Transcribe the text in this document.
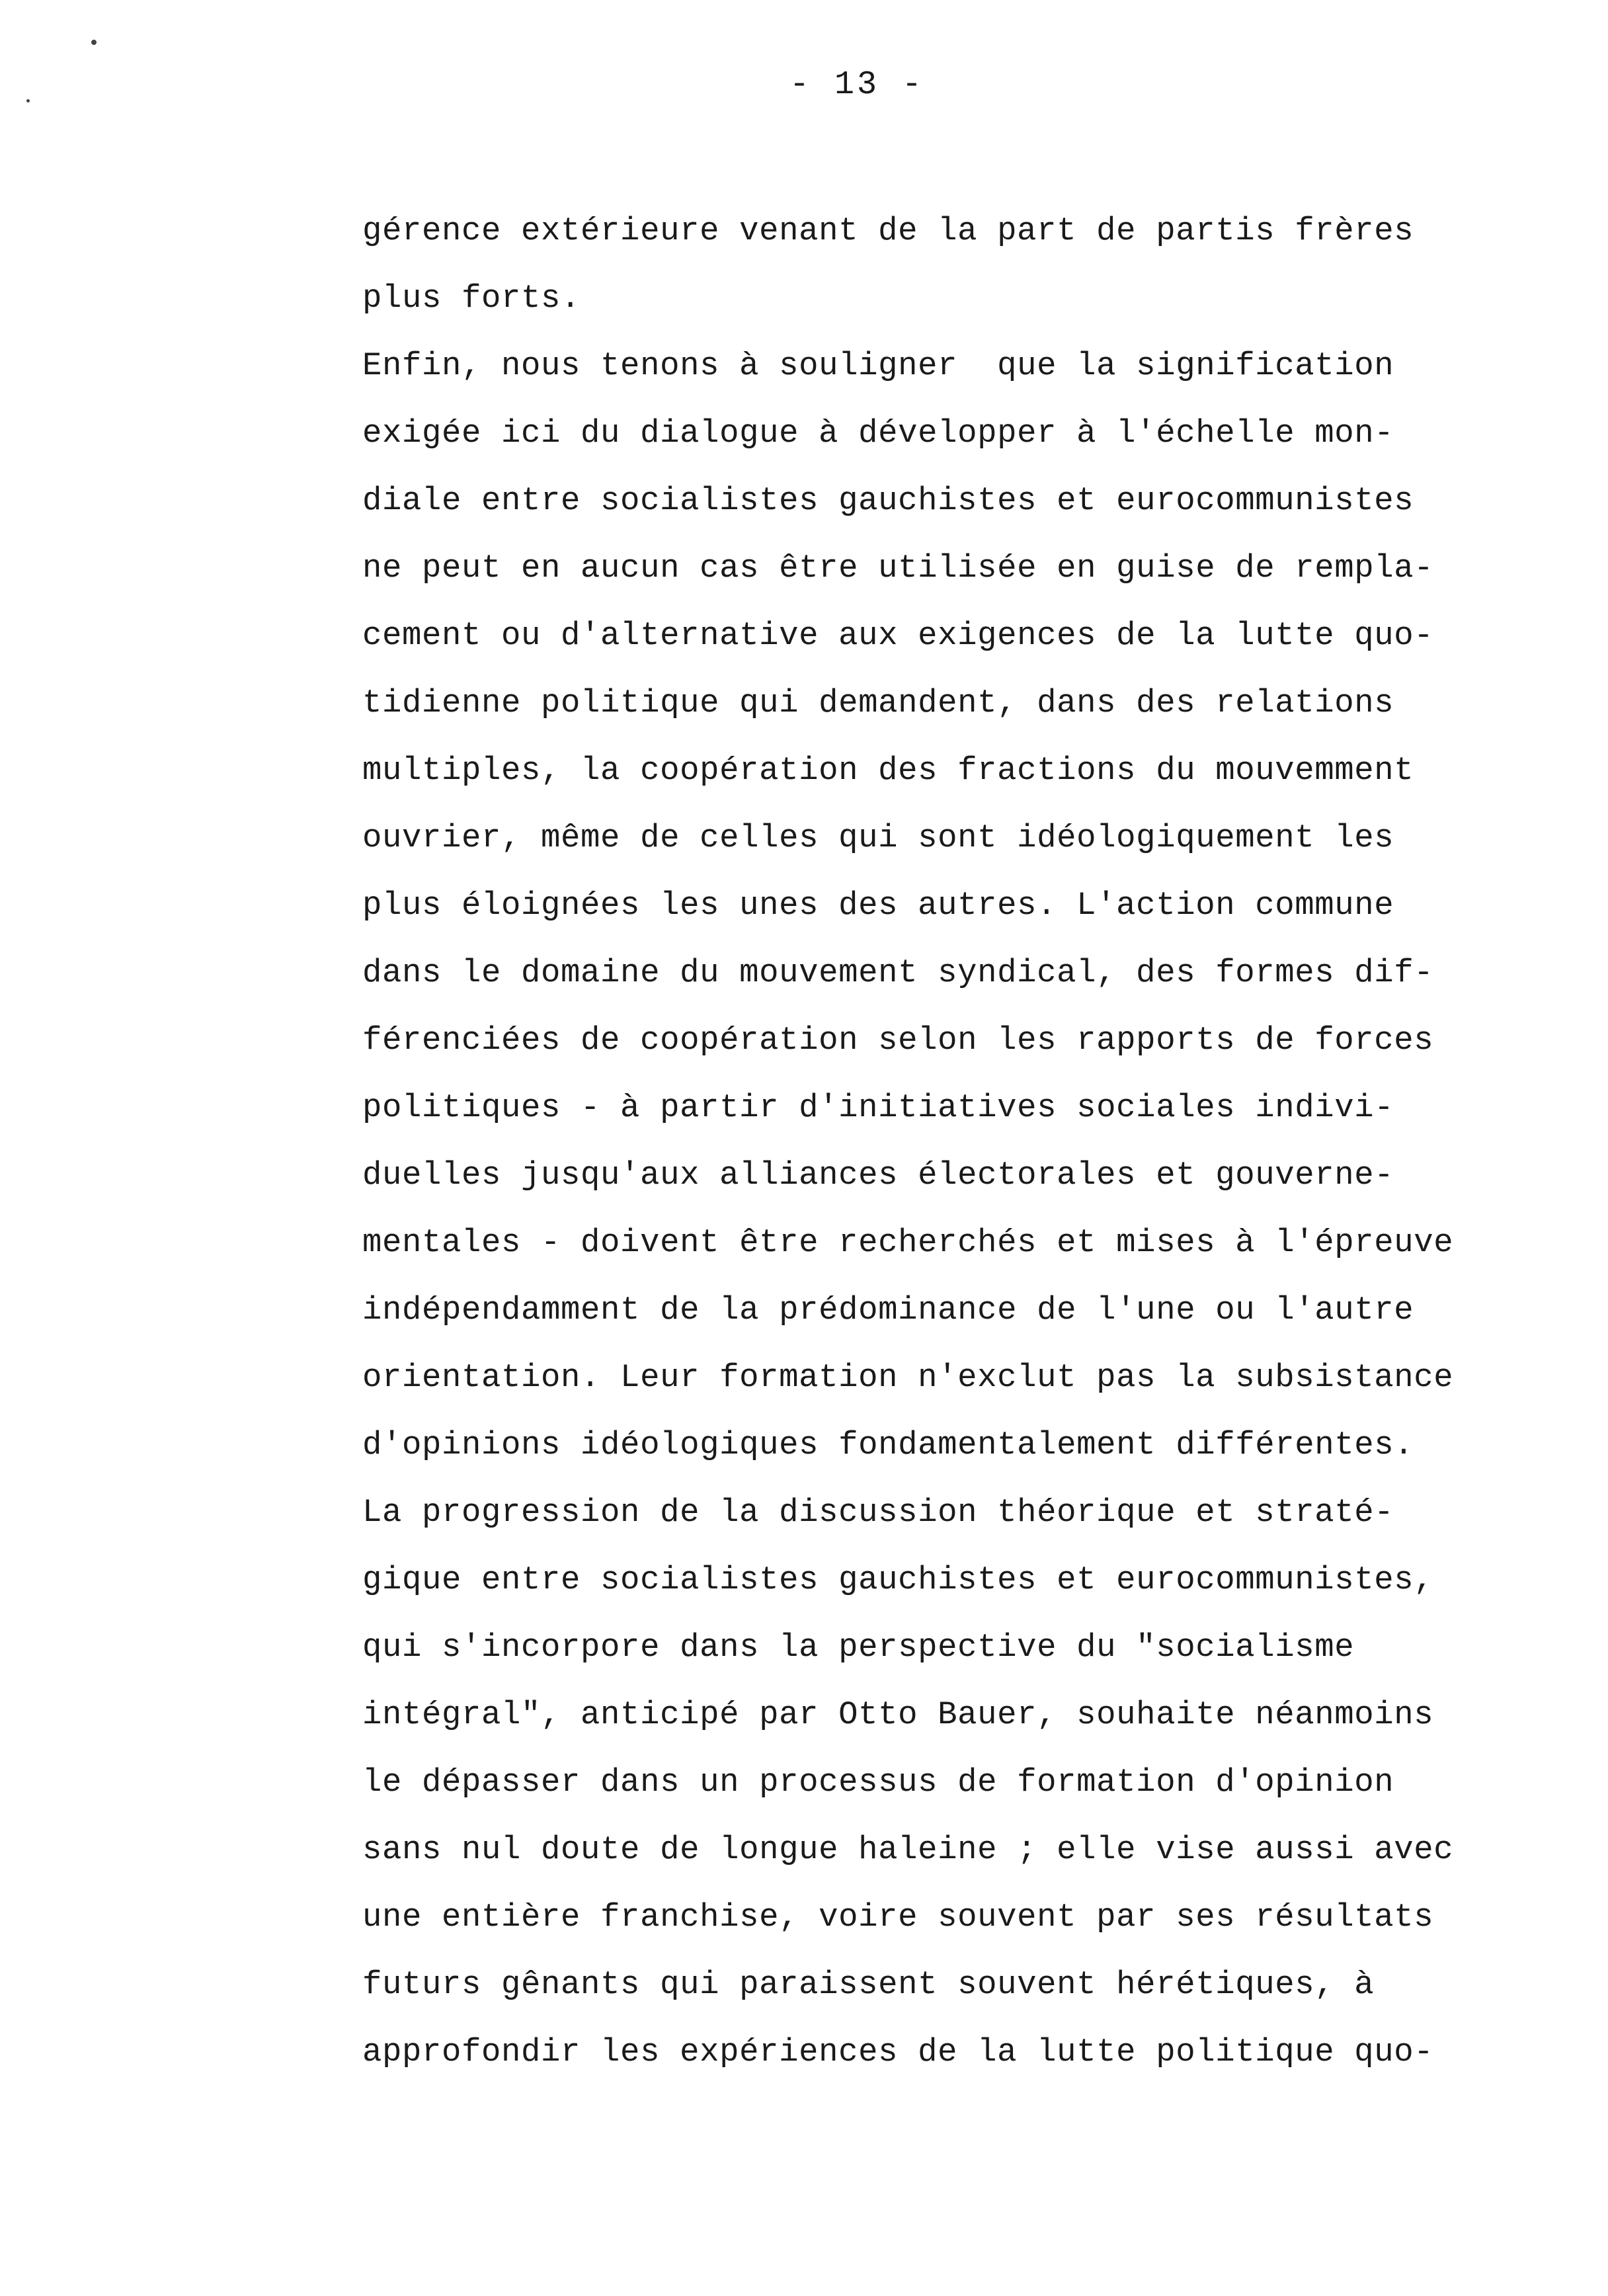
- 13 -
gérence extérieure venant de la part de partis frères
plus forts.
Enfin, nous tenons à souligner  que la signification
exigée ici du dialogue à développer à l'échelle mon-
diale entre socialistes gauchistes et eurocommunistes
ne peut en aucun cas être utilisée en guise de rempla-
cement ou d'alternative aux exigences de la lutte quo-
tidienne politique qui demandent, dans des relations
multiples, la coopération des fractions du mouvemment
ouvrier, même de celles qui sont idéologiquement les
plus éloignées les unes des autres. L'action commune
dans le domaine du mouvement syndical, des formes dif-
férenciées de coopération selon les rapports de forces
politiques - à partir d'initiatives sociales indivi-
duelles jusqu'aux alliances électorales et gouverne-
mentales - doivent être recherchés et mises à l'épreuve
indépendamment de la prédominance de l'une ou l'autre
orientation. Leur formation n'exclut pas la subsistance
d'opinions idéologiques fondamentalement différentes.
La progression de la discussion théorique et straté-
gique entre socialistes gauchistes et eurocommunistes,
qui s'incorpore dans la perspective du "socialisme
intégral", anticipé par Otto Bauer, souhaite néanmoins
le dépasser dans un processus de formation d'opinion
sans nul doute de longue haleine ; elle vise aussi avec
une entière franchise, voire souvent par ses résultats
futurs gênants qui paraissent souvent hérétiques, à
approfondir les expériences de la lutte politique quo-
